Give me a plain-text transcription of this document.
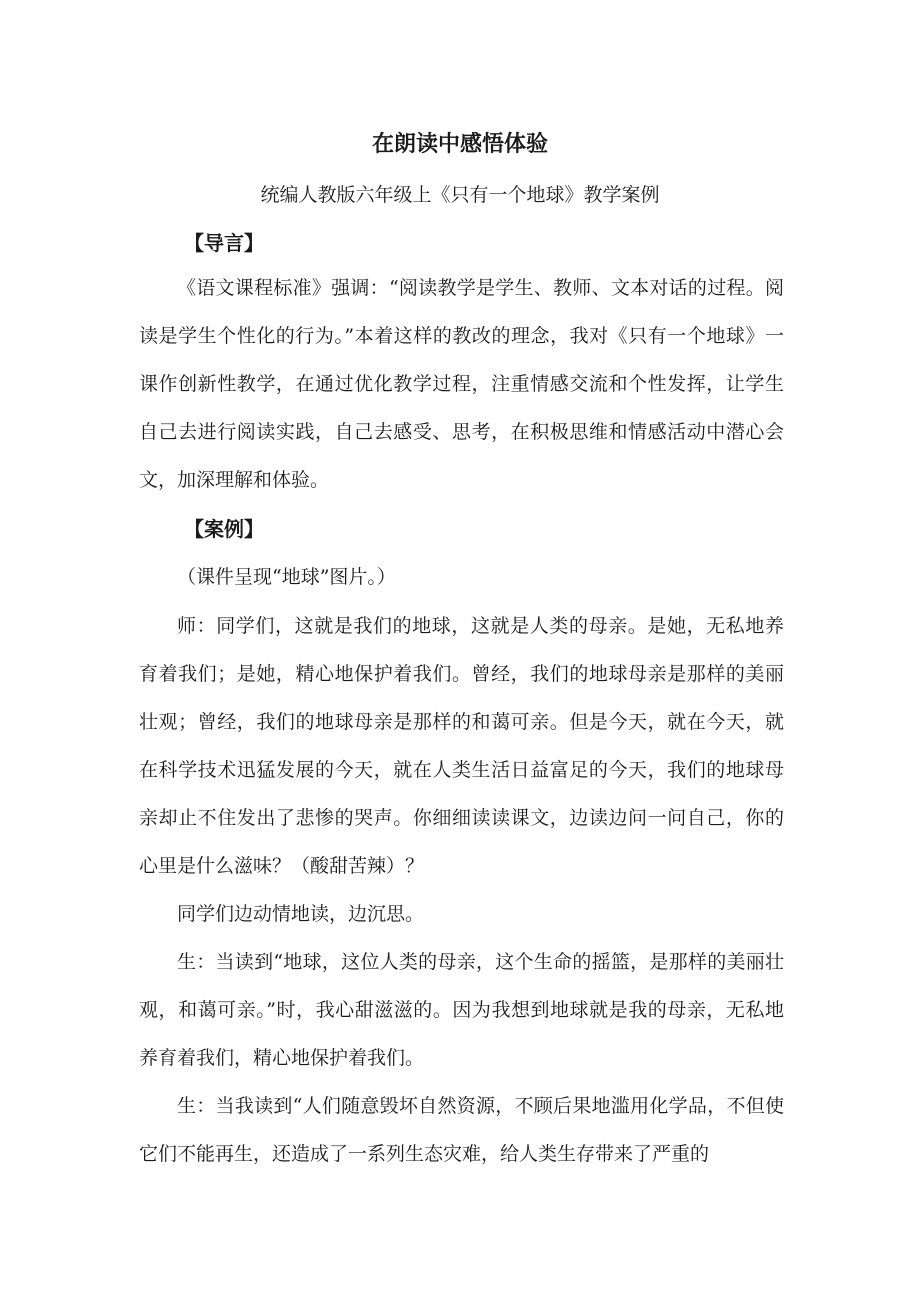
在朗读中感悟体验

统编人教版六年级上《只有一个地球》教学案例

【导言】

《语文课程标准》强调：“阅读教学是学生、教师、文本对话的过程。阅读是学生个性化的行为。”本着这样的教改的理念，我对《只有一个地球》一课作创新性教学，在通过优化教学过程，注重情感交流和个性发挥，让学生自己去进行阅读实践，自己去感受、思考，在积极思维和情感活动中潜心会文，加深理解和体验。

【案例】

（课件呈现“地球”图片。）

师：同学们，这就是我们的地球，这就是人类的母亲。是她，无私地养育着我们；是她，精心地保护着我们。曾经，我们的地球母亲是那样的美丽壮观；曾经，我们的地球母亲是那样的和蔼可亲。但是今天，就在今天，就在科学技术迅猛发展的今天，就在人类生活日益富足的今天，我们的地球母亲却止不住发出了悲惨的哭声。你细细读读课文，边读边问一问自己，你的心里是什么滋味？（酸甜苦辣）？

同学们边动情地读，边沉思。

生：当读到“地球，这位人类的母亲，这个生命的摇篮，是那样的美丽壮观，和蔼可亲。”时，我心甜滋滋的。因为我想到地球就是我的母亲，无私地养育着我们，精心地保护着我们。

生：当我读到“人们随意毁坏自然资源，不顾后果地滥用化学品，不但使它们不能再生，还造成了一系列生态灾难，给人类生存带来了严重的
